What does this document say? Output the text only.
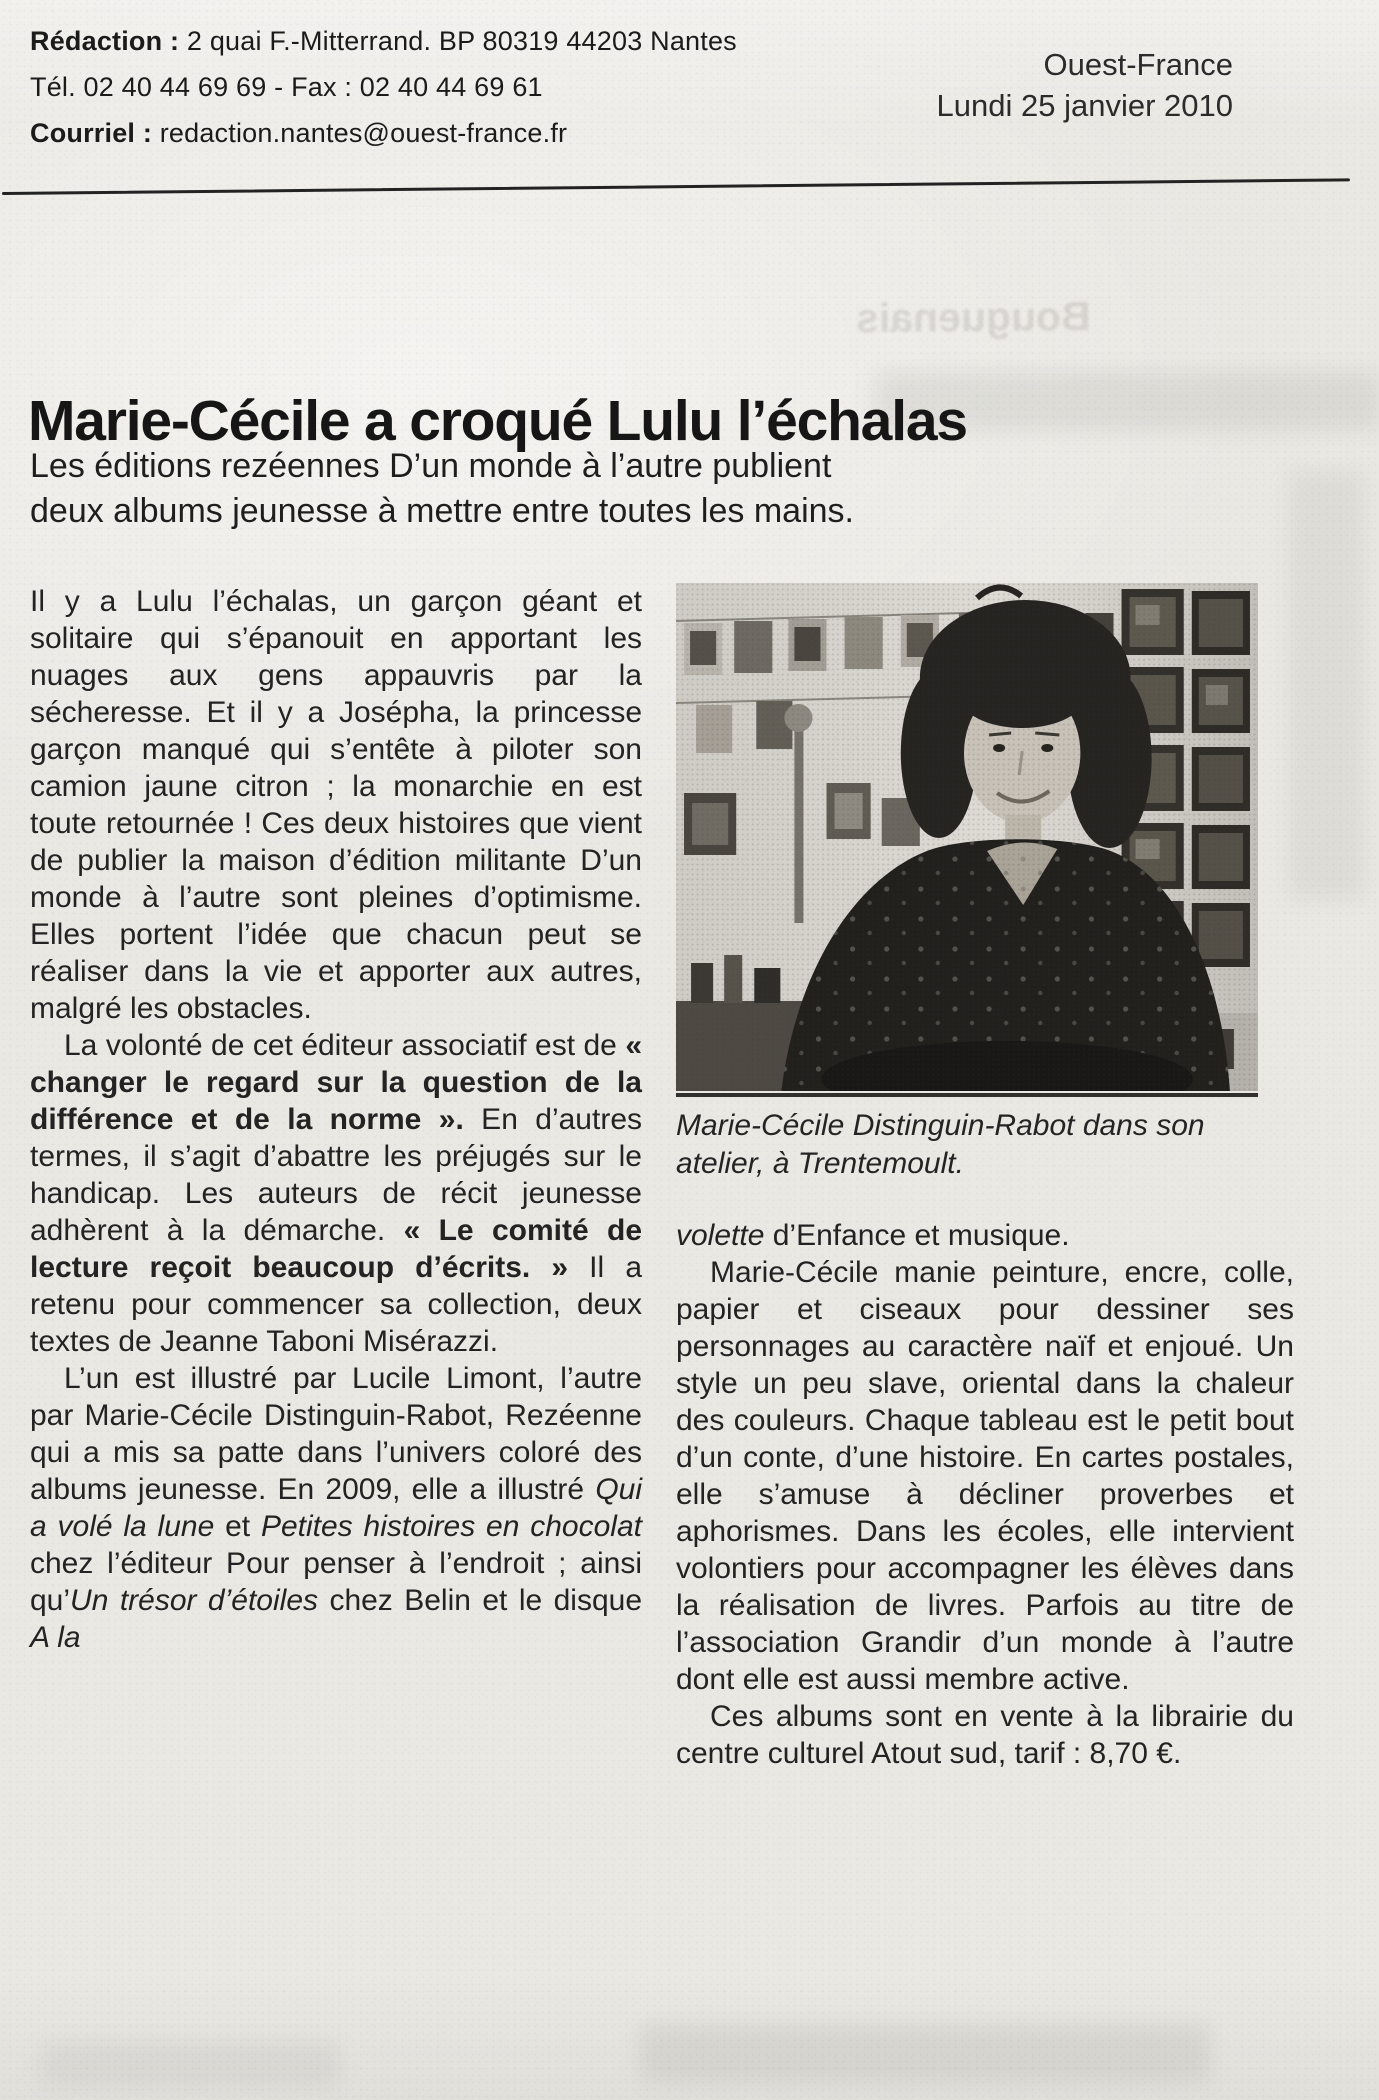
Rédaction : 2 quai F.-Mitterrand. BP 80319 44203 Nantes
Tél. 02 40 44 69 69 - Fax : 02 40 44 69 61
Courriel : redaction.nantes@ouest-france.fr
Ouest-France
Lundi 25 janvier 2010
Bouguenais
Marie-Cécile a croqué Lulu l’échalas
Les éditions rezéennes D’un monde à l’autre publient
deux albums jeunesse à mettre entre toutes les mains.

Il y a Lulu l’échalas, un garçon géant et solitaire qui s’épanouit en apportant les nuages aux gens appauvris par la sécheresse. Et il y a Josépha, la princesse garçon manqué qui s’entête à piloter son camion jaune citron ; la monarchie en est toute retournée ! Ces deux histoires que vient de publier la maison d’édition militante D’un monde à l’autre sont pleines d’optimisme. Elles portent l’idée que chacun peut se réaliser dans la vie et apporter aux autres, malgré les obstacles.

La volonté de cet éditeur associatif est de « changer le regard sur la question de la différence et de la norme ». En d’autres termes, il s’agit d’abattre les préjugés sur le handicap. Les auteurs de récit jeunesse adhèrent à la démarche. « Le comité de lecture reçoit beaucoup d’écrits. » Il a retenu pour commencer sa collection, deux textes de Jeanne Taboni Misérazzi.

L’un est illustré par Lucile Limont, l’autre par Marie-Cécile Distinguin-Rabot, Rezéenne qui a mis sa patte dans l’univers coloré des albums jeunesse. En 2009, elle a illustré Qui a volé la lune et Petites histoires en chocolat chez l’éditeur Pour penser à l’endroit ; ainsi qu’Un trésor d’étoiles chez Belin et le disque A la

Marie-Cécile Distinguin-Rabot dans son atelier, à Trentemoult.

volette d’Enfance et musique.

Marie-Cécile manie peinture, encre, colle, papier et ciseaux pour dessiner ses personnages au caractère naïf et enjoué. Un style un peu slave, oriental dans la chaleur des couleurs. Chaque tableau est le petit bout d’un conte, d’une histoire. En cartes postales, elle s’amuse à décliner proverbes et aphorismes. Dans les écoles, elle intervient volontiers pour accompagner les élèves dans la réalisation de livres. Parfois au titre de l’association Grandir d’un monde à l’autre dont elle est aussi membre active.

Ces albums sont en vente à la librairie du centre culturel Atout sud, tarif : 8,70 €.
